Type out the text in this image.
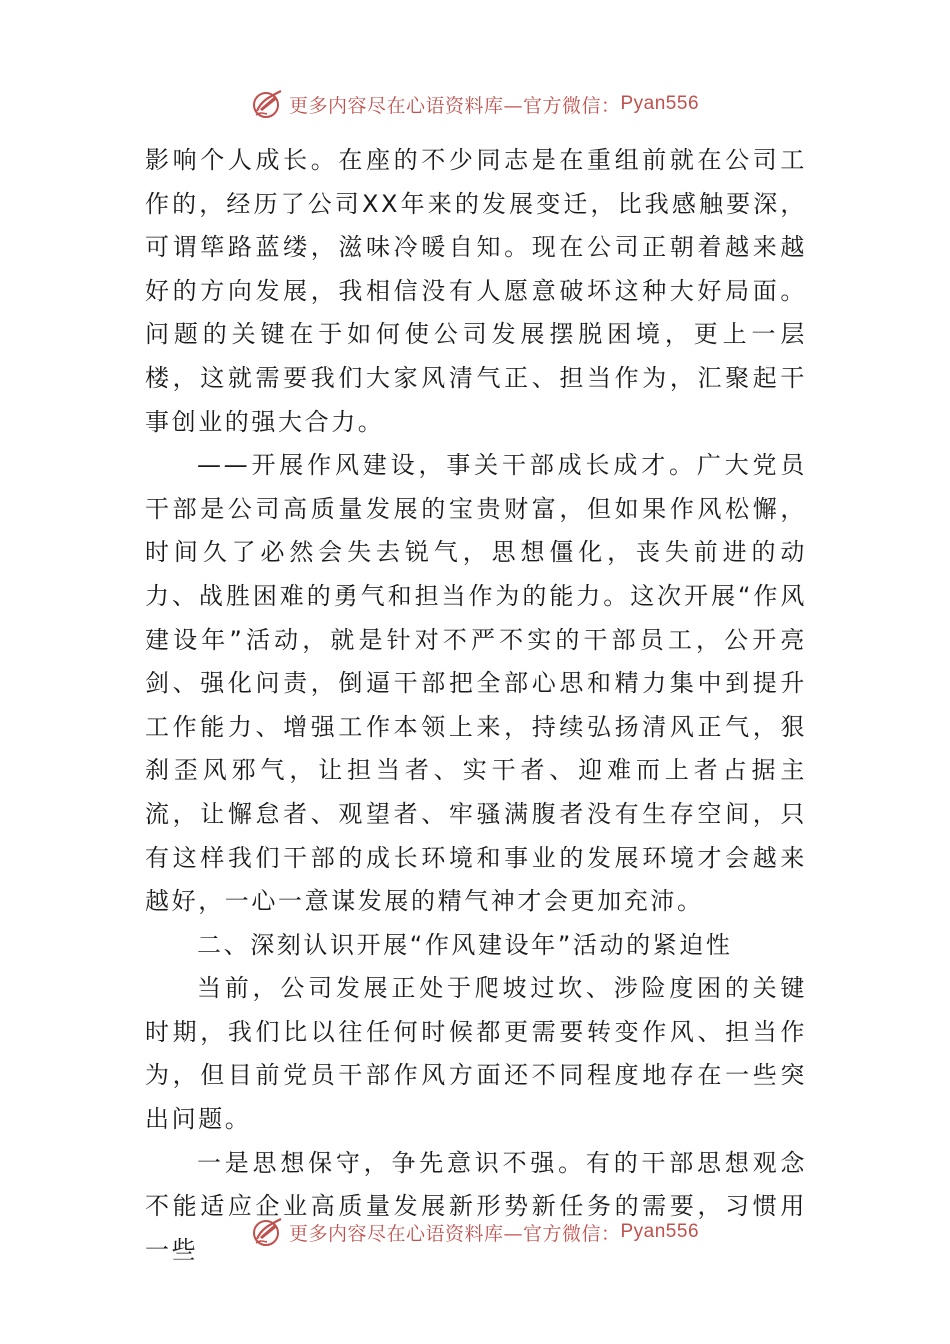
更多内容尽在心语资料库—官方微信： Pyan556

影响个人成长。在座的不少同志是在重组前就在公司工作的，经历了公司XX年来的发展变迁，比我感触要深，可谓筚路蓝缕，滋味冷暖自知。现在公司正朝着越来越好的方向发展，我相信没有人愿意破坏这种大好局面。问题的关键在于如何使公司发展摆脱困境，更上一层楼，这就需要我们大家风清气正、担当作为，汇聚起干事创业的强大合力。

——开展作风建设，事关干部成长成才。广大党员干部是公司高质量发展的宝贵财富，但如果作风松懈，时间久了必然会失去锐气，思想僵化，丧失前进的动力、战胜困难的勇气和担当作为的能力。这次开展“作风建设年”活动，就是针对不严不实的干部员工，公开亮剑、强化问责，倒逼干部把全部心思和精力集中到提升工作能力、增强工作本领上来，持续弘扬清风正气，狠刹歪风邪气，让担当者、实干者、迎难而上者占据主流，让懈怠者、观望者、牢骚满腹者没有生存空间，只有这样我们干部的成长环境和事业的发展环境才会越来越好，一心一意谋发展的精气神才会更加充沛。

二、深刻认识开展“作风建设年”活动的紧迫性

当前，公司发展正处于爬坡过坎、涉险度困的关键时期，我们比以往任何时候都更需要转变作风、担当作为，但目前党员干部作风方面还不同程度地存在一些突出问题。

一是思想保守，争先意识不强。有的干部思想观念不能适应企业高质量发展新形势新任务的需要，习惯用一些

更多内容尽在心语资料库—官方微信： Pyan556
